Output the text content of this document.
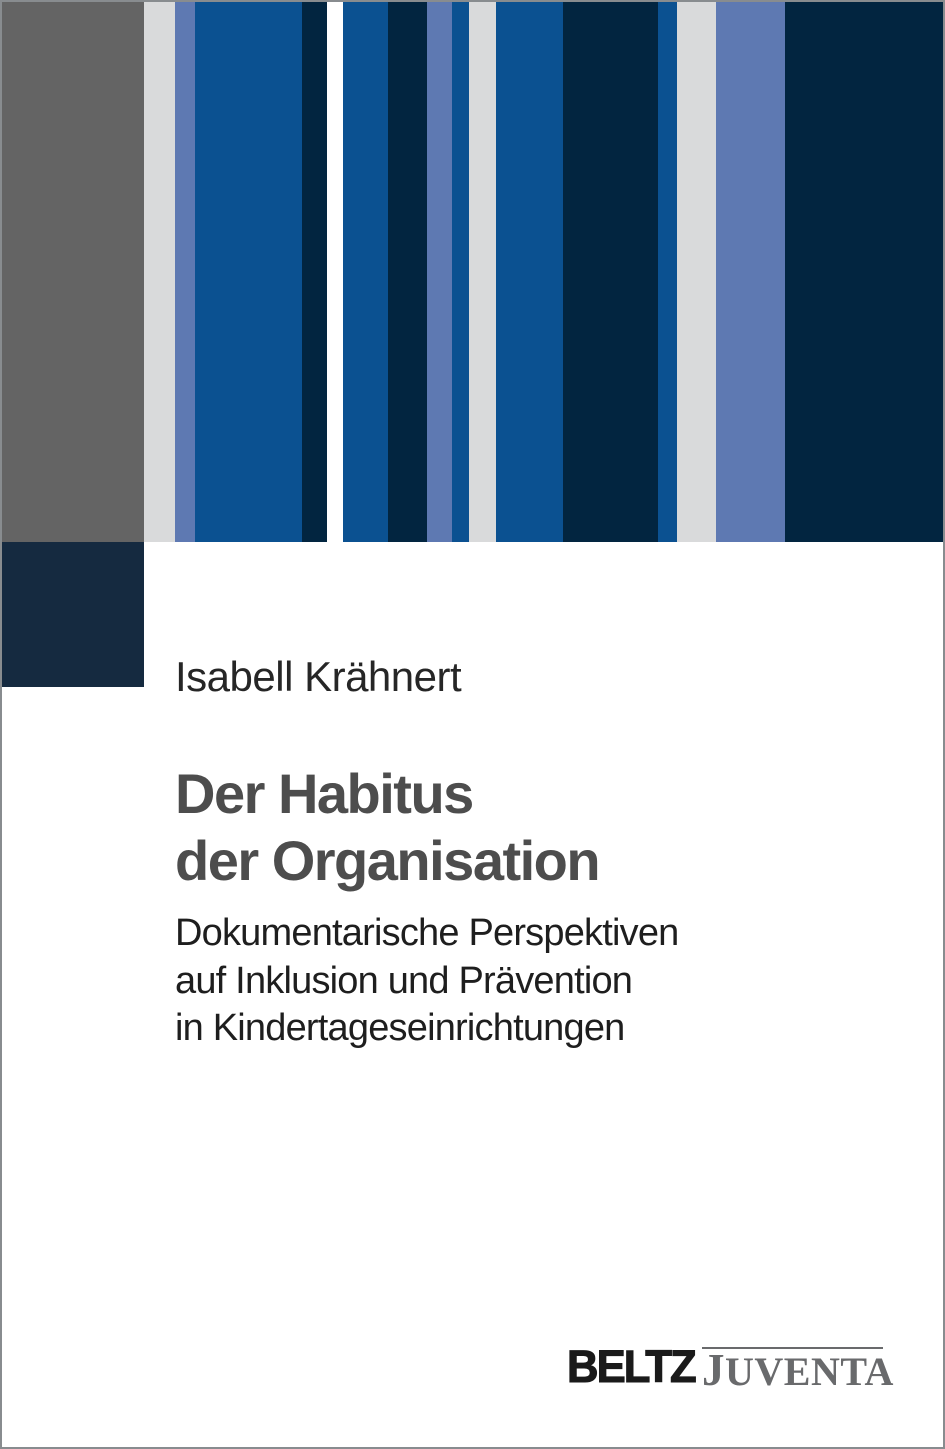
Isabell Krähnert
Der Habitus
der Organisation
Dokumentarische Perspektiven
auf Inklusion und Prävention
in Kindertageseinrichtungen
BELTZ JUVENTA
